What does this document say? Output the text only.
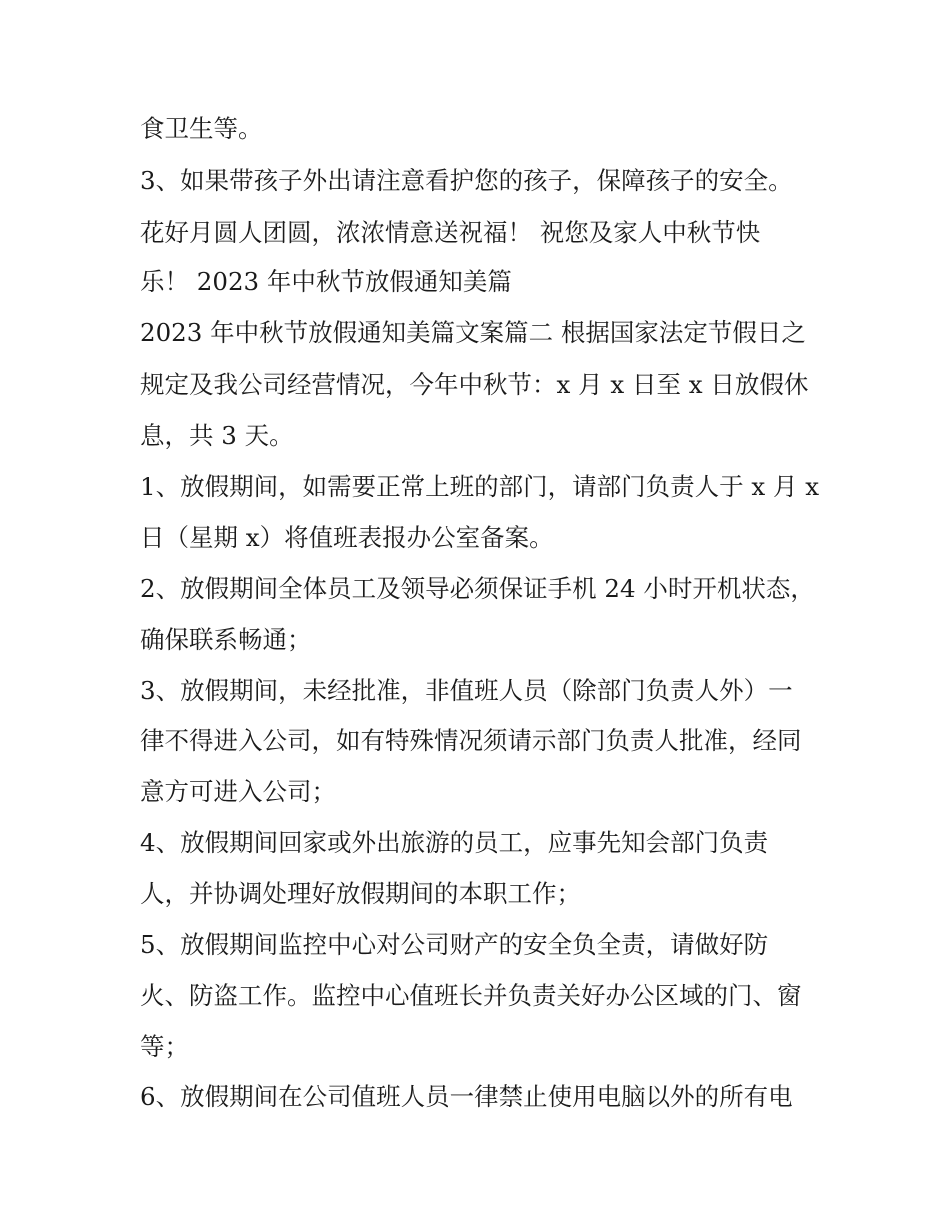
食卫生等。
3、如果带孩子外出请注意看护您的孩子，保障孩子的安全。
花好月圆人团圆，浓浓情意送祝福！ 祝您及家人中秋节快
乐！ 2023 年中秋节放假通知美篇
2023 年中秋节放假通知美篇文案篇二 根据国家法定节假日之
规定及我公司经营情况，今年中秋节：x 月 x 日至 x 日放假休
息，共 3 天。
1、放假期间，如需要正常上班的部门，请部门负责人于 x 月 x
日（星期 x）将值班表报办公室备案。
2、放假期间全体员工及领导必须保证手机 24 小时开机状态，
确保联系畅通；
3、放假期间，未经批准，非值班人员（除部门负责人外）一
律不得进入公司，如有特殊情况须请示部门负责人批准，经同
意方可进入公司；
4、放假期间回家或外出旅游的员工，应事先知会部门负责
人，并协调处理好放假期间的本职工作；
5、放假期间监控中心对公司财产的安全负全责，请做好防
火、防盗工作。监控中心值班长并负责关好办公区域的门、窗
等；
6、放假期间在公司值班人员一律禁止使用电脑以外的所有电
